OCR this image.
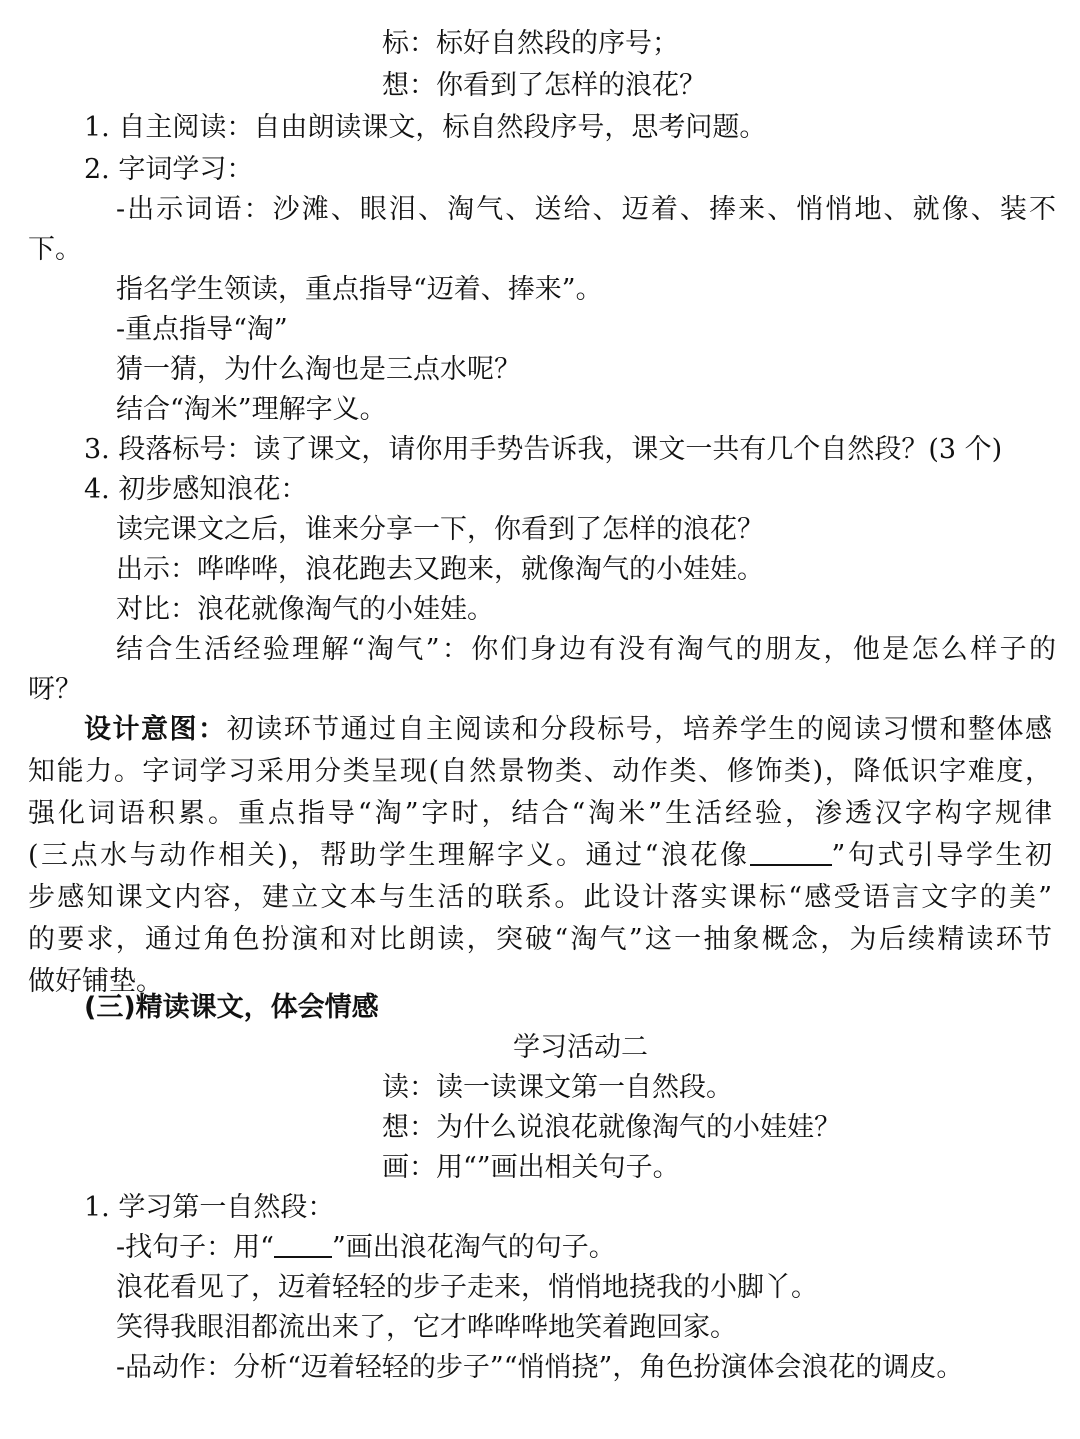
标：标好自然段的序号；

想：你看到了怎样的浪花？

1. 自主阅读：自由朗读课文，标自然段序号，思考问题。

2. 字词学习：

-出示词语：沙滩、眼泪、淘气、送给、迈着、捧来、悄悄地、就像、装不

下。

指名学生领读，重点指导“迈着、捧来”。

-重点指导“淘”

猜一猜，为什么淘也是三点水呢？

结合“淘米”理解字义。

3. 段落标号：读了课文，请你用手势告诉我，课文一共有几个自然段？(3 个)

4. 初步感知浪花：

读完课文之后，谁来分享一下，你看到了怎样的浪花？

出示：哗哗哗，浪花跑去又跑来，就像淘气的小娃娃。

对比：浪花就像淘气的小娃娃。

结合生活经验理解“淘气”：你们身边有没有淘气的朋友，他是怎么样子的

呀？

设计意图：初读环节通过自主阅读和分段标号，培养学生的阅读习惯和整体感

知能力。字词学习采用分类呈现(自然景物类、动作类、修饰类)，降低识字难度，

强化词语积累。重点指导“淘”字时，结合“淘米”生活经验，渗透汉字构字规律

(三点水与动作相关)，帮助学生理解字义。通过“浪花像	”句式引导学生初

步感知课文内容，建立文本与生活的联系。此设计落实课标“感受语言文字的美”

的要求，通过角色扮演和对比朗读，突破“淘气”这一抽象概念，为后续精读环节

做好铺垫。

(三)精读课文，体会情感

学习活动二

读：读一读课文第一自然段。

想：为什么说浪花就像淘气的小娃娃？

画：用“”画出相关句子。

1. 学习第一自然段：

-找句子：用“ ”画出浪花淘气的句子。

浪花看见了，迈着轻轻的步子走来，悄悄地挠我的小脚丫。

笑得我眼泪都流出来了，它才哗哗哗地笑着跑回家。

-品动作：分析“迈着轻轻的步子”“悄悄挠”，角色扮演体会浪花的调皮。
